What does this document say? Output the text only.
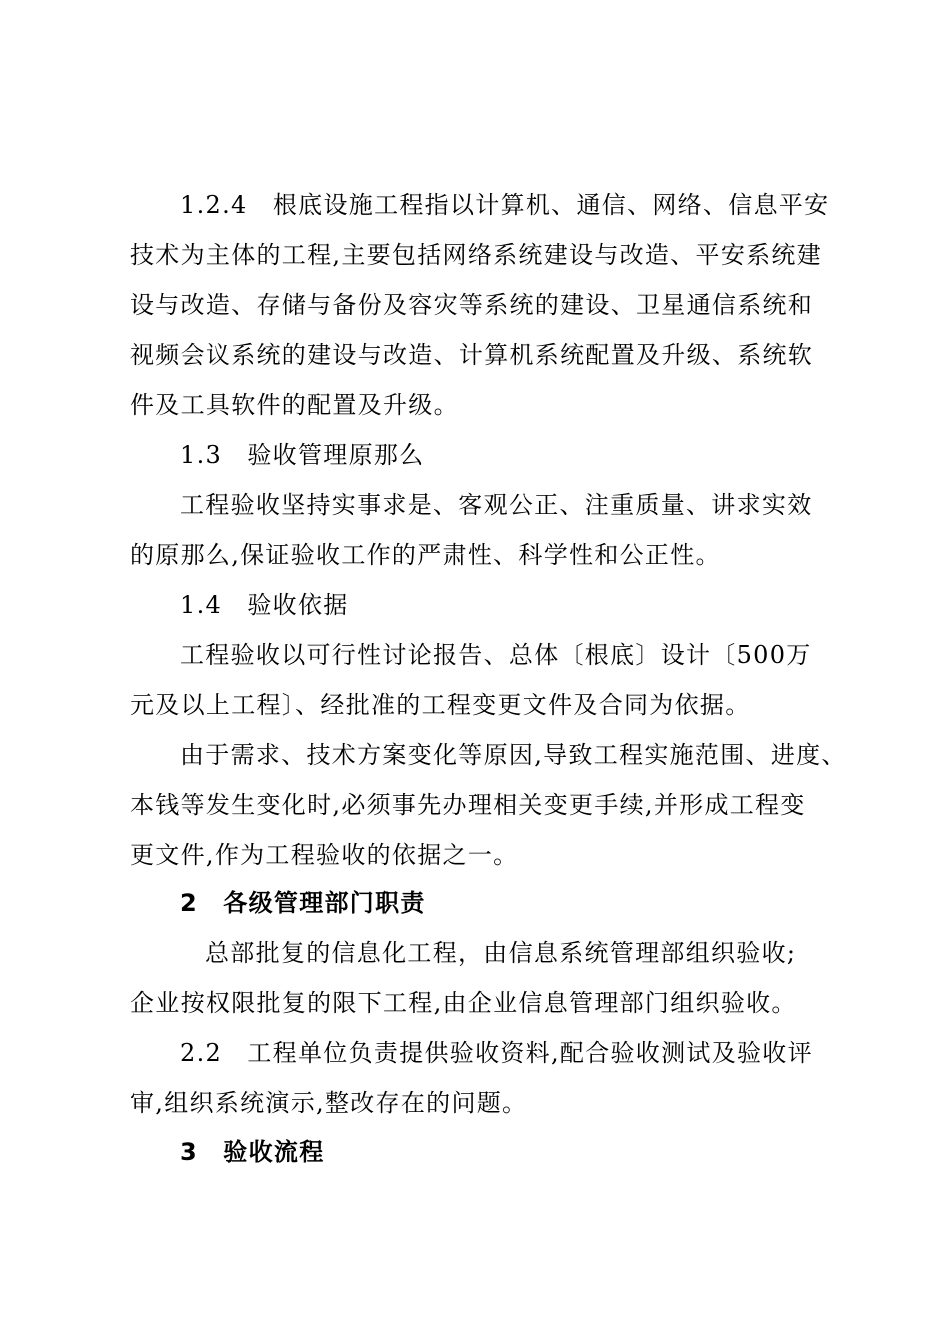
1.2.4　根底设施工程指以计算机、通信、网络、信息平安
技术为主体的工程,主要包括网络系统建设与改造、平安系统建
设与改造、存储与备份及容灾等系统的建设、卫星通信系统和
视频会议系统的建设与改造、计算机系统配置及升级、系统软
件及工具软件的配置及升级。
1.3　验收管理原那么
工程验收坚持实事求是、客观公正、注重质量、讲求实效
的原那么,保证验收工作的严肃性、科学性和公正性。
1.4　验收依据
工程验收以可行性讨论报告、总体〔根底〕设计〔500万
元及以上工程〕、经批准的工程变更文件及合同为依据。
由于需求、技术方案变化等原因,导致工程实施范围、进度、
本钱等发生变化时,必须事先办理相关变更手续,并形成工程变
更文件,作为工程验收的依据之一。
2　各级管理部门职责
总部批复的信息化工程，由信息系统管理部组织验收;
企业按权限批复的限下工程,由企业信息管理部门组织验收。
2.2　工程单位负责提供验收资料,配合验收测试及验收评
审,组织系统演示,整改存在的问题。
3　验收流程
